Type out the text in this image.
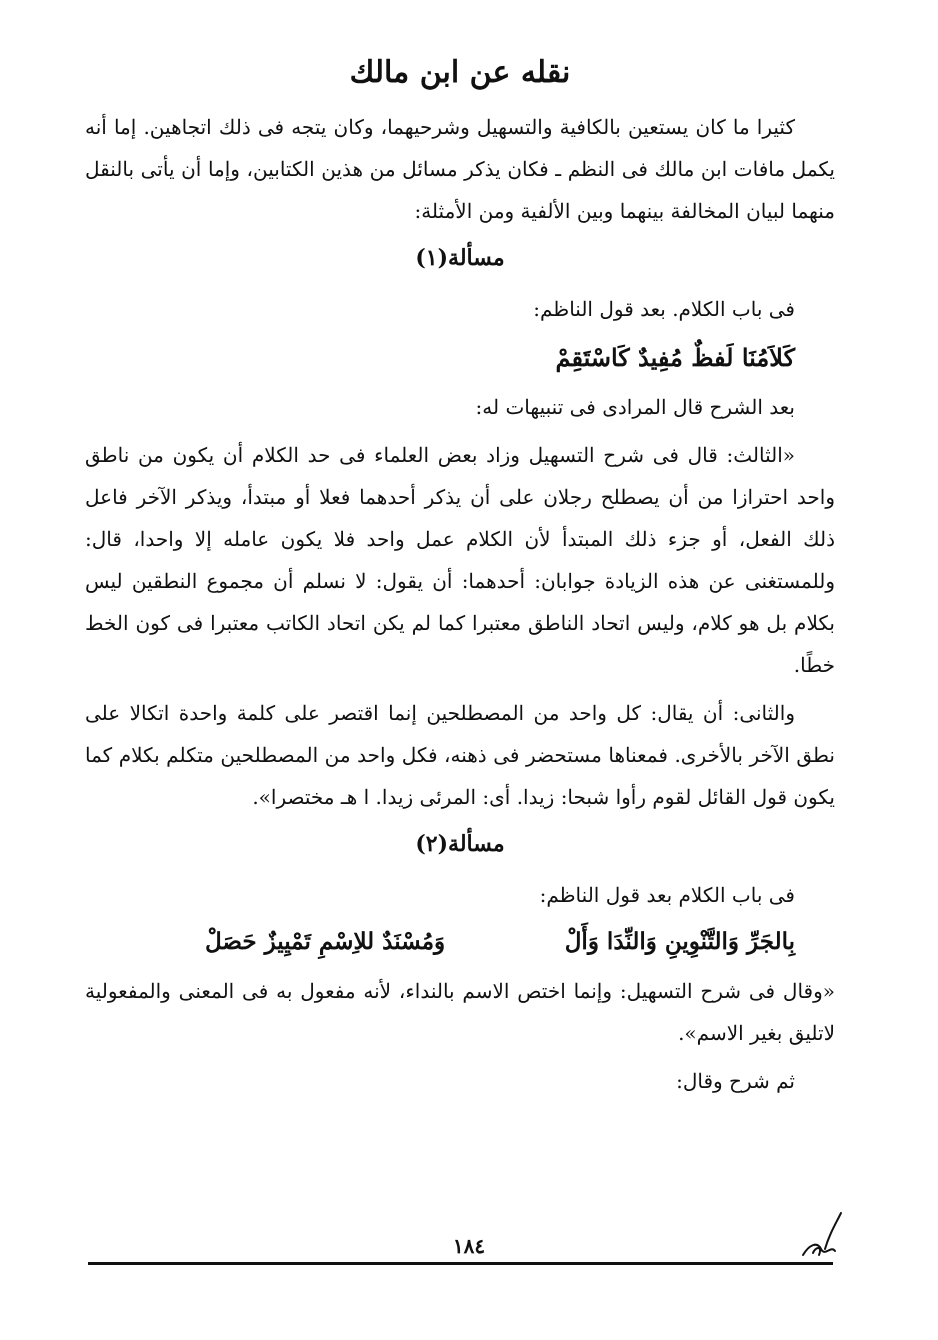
نقله عن ابن مالك

كثيرا ما كان يستعين بالكافية والتسهيل وشرحيهما، وكان يتجه فى ذلك اتجاهين. إما أنه يكمل مافات ابن مالك فى النظم ـ فكان يذكر مسائل من هذين الكتابين، وإما أن يأتى بالنقل منهما لبيان المخالفة بينهما وبين الألفية ومن الأمثلة:

مسألة(١)

فى باب الكلام. بعد قول الناظم:

كَلاَمُنَا لَفظٌ مُفِيدٌ كَاسْتَقِمْ

بعد الشرح قال المرادى فى تنبيهات له:

«الثالث: قال فى شرح التسهيل وزاد بعض العلماء فى حد الكلام أن يكون من ناطق واحد احترازا من أن يصطلح رجلان على أن يذكر أحدهما فعلا أو مبتدأ، ويذكر الآخر فاعل ذلك الفعل، أو جزء ذلك المبتدأ لأن الكلام عمل واحد فلا يكون عامله إلا واحدا، قال: وللمستغنى عن هذه الزيادة جوابان: أحدهما: أن يقول: لا نسلم أن مجموع النطقين ليس بكلام بل هو كلام، وليس اتحاد الناطق معتبرا كما لم يكن اتحاد الكاتب معتبرا فى كون الخط خطًا.

والثانى: أن يقال: كل واحد من المصطلحين إنما اقتصر على كلمة واحدة اتكالا على نطق الآخر بالأخرى. فمعناها مستحضر فى ذهنه، فكل واحد من المصطلحين متكلم بكلام كما يكون قول القائل لقوم رأوا شبحا: زيدا. أى: المرئى زيدا. ا هـ مختصرا».

مسألة(٢)

فى باب الكلام بعد قول الناظم:

بِالجَرِّ وَالتَّنْوِينِ وَالنِّدَا وَأَلْ
وَمُسْنَدٌ للاِسْمِ تَمْيِيزٌ حَصَلْ

«وقال فى شرح التسهيل: وإنما اختص الاسم بالنداء، لأنه مفعول به فى المعنى والمفعولية لاتليق بغير الاسم».

ثم شرح وقال:

١٨٤
